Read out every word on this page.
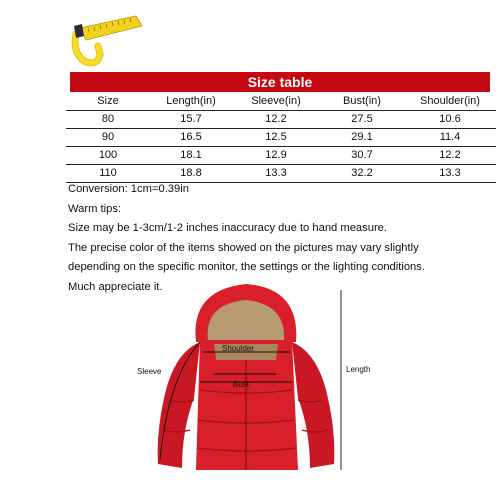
Size table
Size	Length(in)	Sleeve(in)	Bust(in)	Shoulder(in)
80	15.7	12.2	27.5	10.6
90	16.5	12.5	29.1	11.4
100	18.1	12.9	30.7	12.2
110	18.8	13.3	32.2	13.3

Conversion: 1cm=0.39in

Warm tips:

Size may be 1-3cm/1-2 inches inaccuracy due to hand measure.

The precise color of the items showed on the pictures may vary slightly

depending on the specific monitor, the settings or the lighting conditions.

Much appreciate it.

Sleeve	Length
Shoulder
Bust
